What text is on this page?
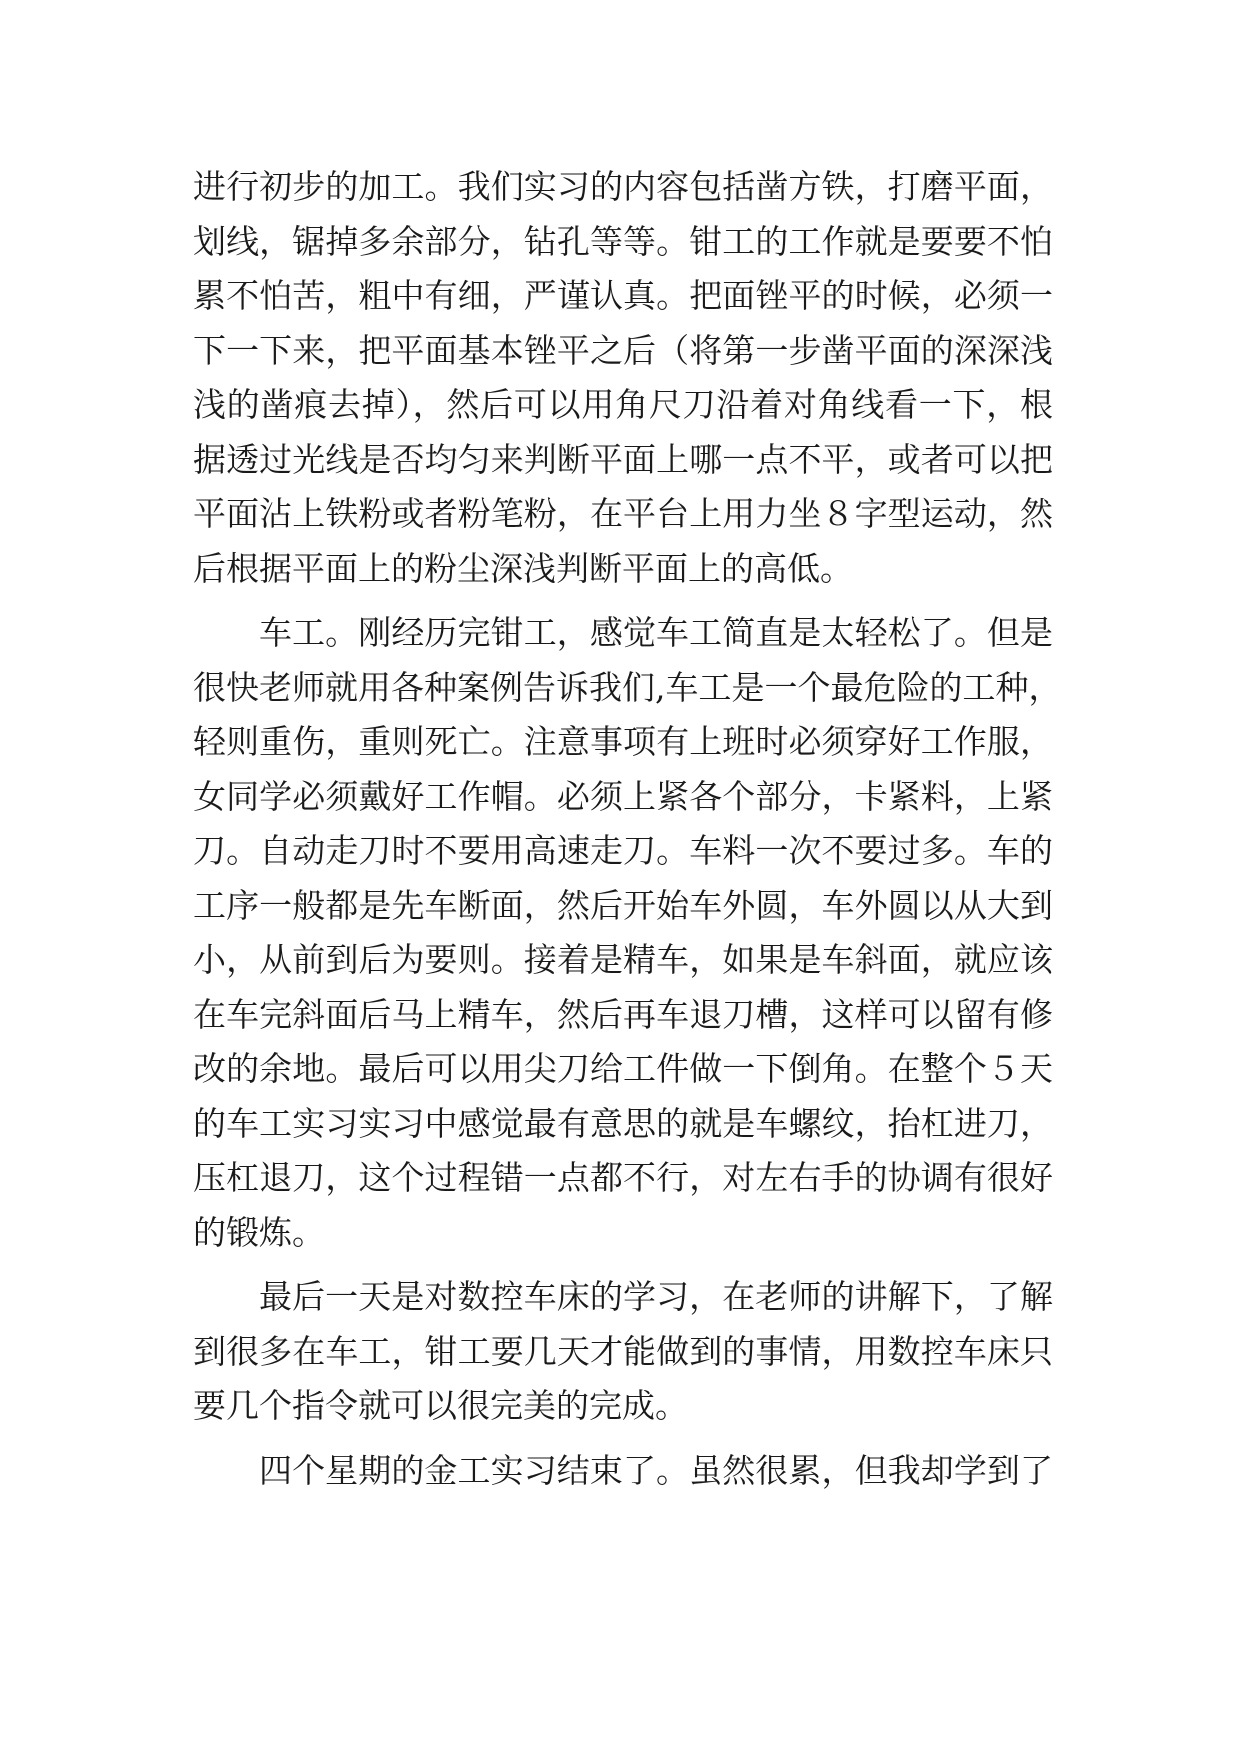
进行初步的加工。我们实习的内容包括凿方铁，打磨平面，
划线，锯掉多余部分，钻孔等等。钳工的工作就是要要不怕
累不怕苦，粗中有细，严谨认真。把面锉平的时候，必须一
下一下来，把平面基本锉平之后（将第一步凿平面的深深浅
浅的凿痕去掉），然后可以用角尺刀沿着对角线看一下，根
据透过光线是否均匀来判断平面上哪一点不平，或者可以把
平面沾上铁粉或者粉笔粉，在平台上用力坐８字型运动，然
后根据平面上的粉尘深浅判断平面上的高低。
车工。刚经历完钳工，感觉车工简直是太轻松了。但是
很快老师就用各种案例告诉我们,车工是一个最危险的工种，
轻则重伤，重则死亡。注意事项有上班时必须穿好工作服，
女同学必须戴好工作帽。必须上紧各个部分，卡紧料，上紧
刀。自动走刀时不要用高速走刀。车料一次不要过多。车的
工序一般都是先车断面，然后开始车外圆，车外圆以从大到
小，从前到后为要则。接着是精车，如果是车斜面，就应该
在车完斜面后马上精车，然后再车退刀槽，这样可以留有修
改的余地。最后可以用尖刀给工件做一下倒角。在整个５天
的车工实习实习中感觉最有意思的就是车螺纹，抬杠进刀，
压杠退刀，这个过程错一点都不行，对左右手的协调有很好
的锻炼。
最后一天是对数控车床的学习，在老师的讲解下，了解
到很多在车工，钳工要几天才能做到的事情，用数控车床只
要几个指令就可以很完美的完成。
四个星期的金工实习结束了。虽然很累，但我却学到了
